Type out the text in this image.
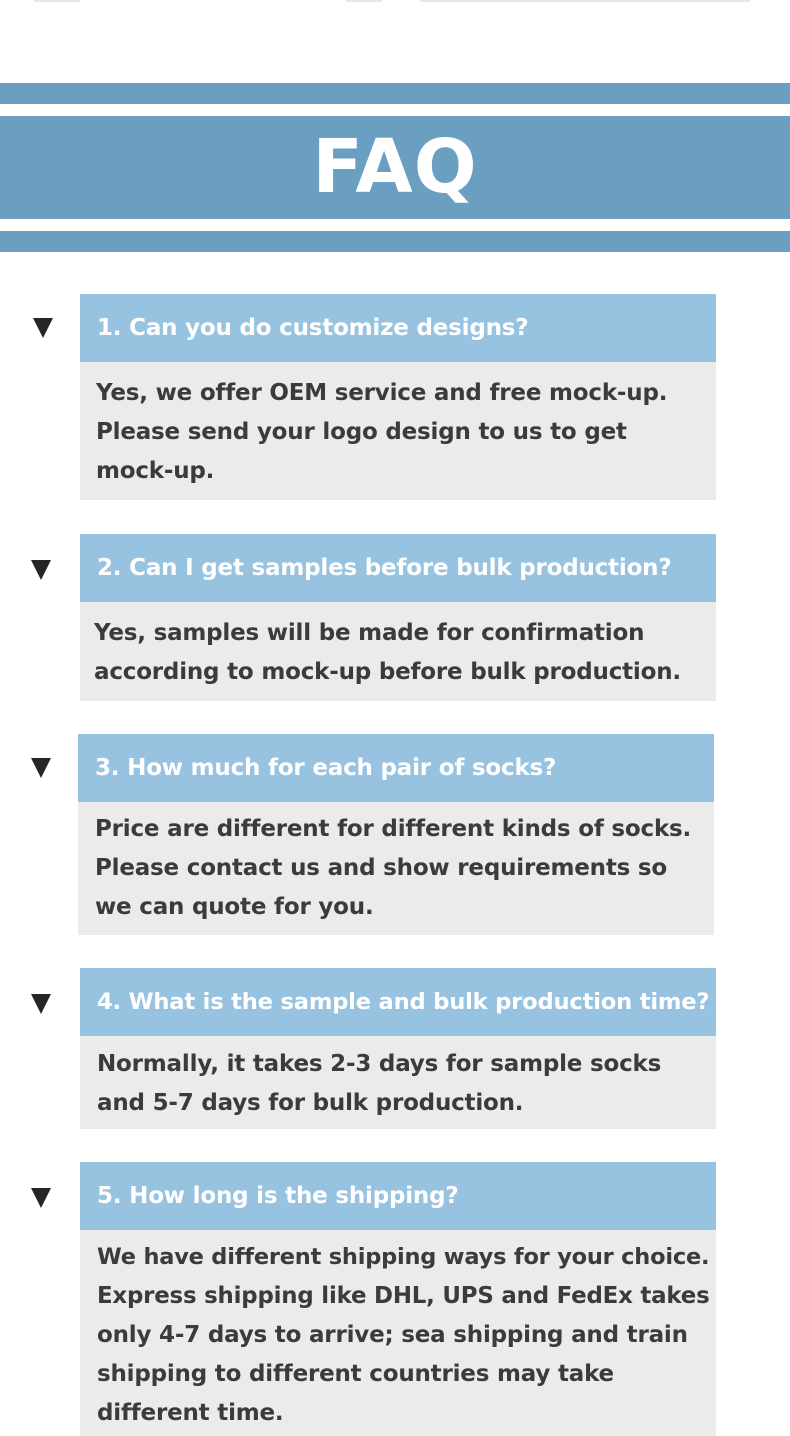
FAQ
1. Can you do customize designs?
Yes, we offer OEM service and free mock-up.
Please send your logo design to us to get
mock-up.
2. Can I get samples before bulk production?
Yes, samples will be made for confirmation
according to mock-up before bulk production.
3. How much for each pair of socks?
Price are different for different kinds of socks.
Please contact us and show requirements so
we can quote for you.
4. What is the sample and bulk production time?
Normally, it takes 2-3 days for sample socks
and 5-7 days for bulk production.
5. How long is the shipping?
We have different shipping ways for your choice.
Express shipping like DHL, UPS and FedEx takes
only 4-7 days to arrive; sea shipping and train
shipping to different countries may take
different time.
